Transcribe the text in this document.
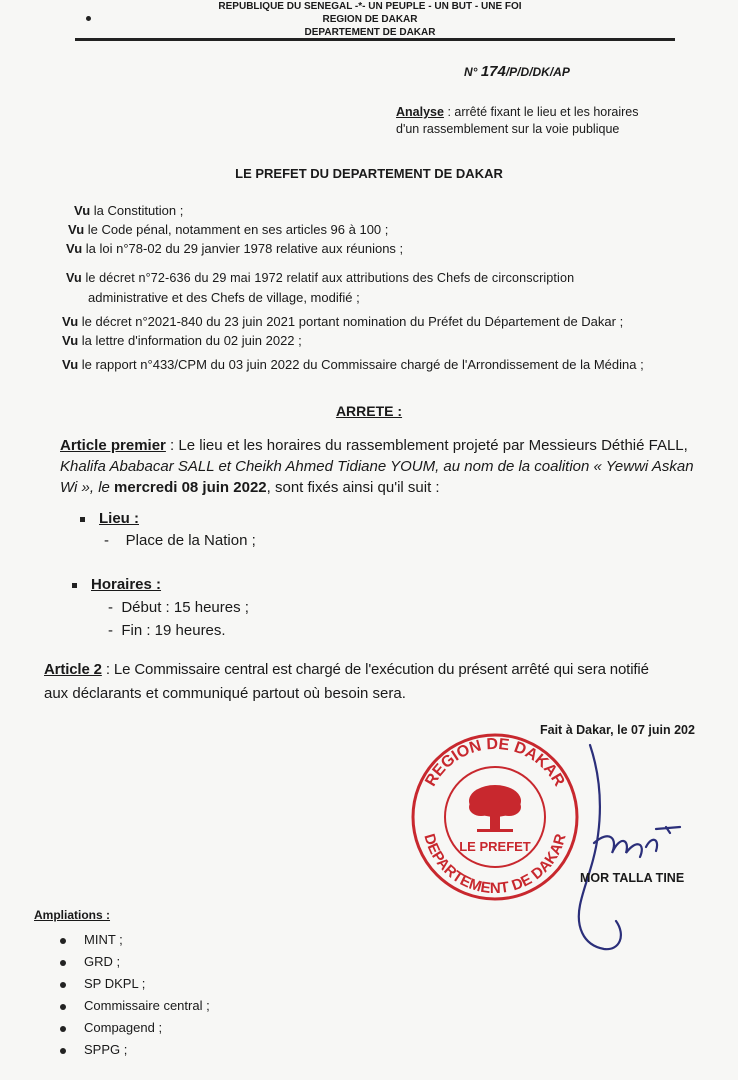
REPUBLIQUE DU SENEGAL -*- UN PEUPLE - UN BUT - UNE FOI
REGION DE DAKAR
DEPARTEMENT DE DAKAR
N° 174/P/D/DK/AP
Analyse : arrêté fixant le lieu et les horaires
d'un rassemblement sur la voie publique
LE PREFET DU DEPARTEMENT DE DAKAR
Vu la Constitution ;
Vu le Code pénal, notamment en ses articles 96 à 100 ;
Vu la loi n°78-02 du 29 janvier 1978 relative aux réunions ;
Vu le décret n°72-636 du 29 mai 1972 relatif aux attributions des Chefs de circonscription
administrative et des Chefs de village, modifié ;
Vu le décret n°2021-840 du 23 juin 2021 portant nomination du Préfet du Département de Dakar ;
Vu la lettre d'information du 02 juin 2022 ;
Vu le rapport n°433/CPM du 03 juin 2022 du Commissaire chargé de l'Arrondissement de la Médina ;
ARRETE :
Article premier : Le lieu et les horaires du rassemblement projeté par Messieurs Déthié FALL,
Khalifa Ababacar SALL et Cheikh Ahmed Tidiane YOUM, au nom de la coalition « Yewwi Askan
Wi », le mercredi 08 juin 2022, sont fixés ainsi qu'il suit :
Lieu :
-    Place de la Nation ;
Horaires :
-  Début : 15 heures ;
-  Fin : 19 heures.
Article 2 : Le Commissaire central est chargé de l'exécution du présent arrêté qui sera notifié
aux déclarants et communiqué partout où besoin sera.
Fait à Dakar, le 07 juin 202
REGION DE DAKAR
DEPARTEMENT DE DAKAR
LE PREFET
MOR TALLA TINE
Ampliations :
MINT ;
GRD ;
SP DKPL ;
Commissaire central ;
Compagend ;
SPPG ;
